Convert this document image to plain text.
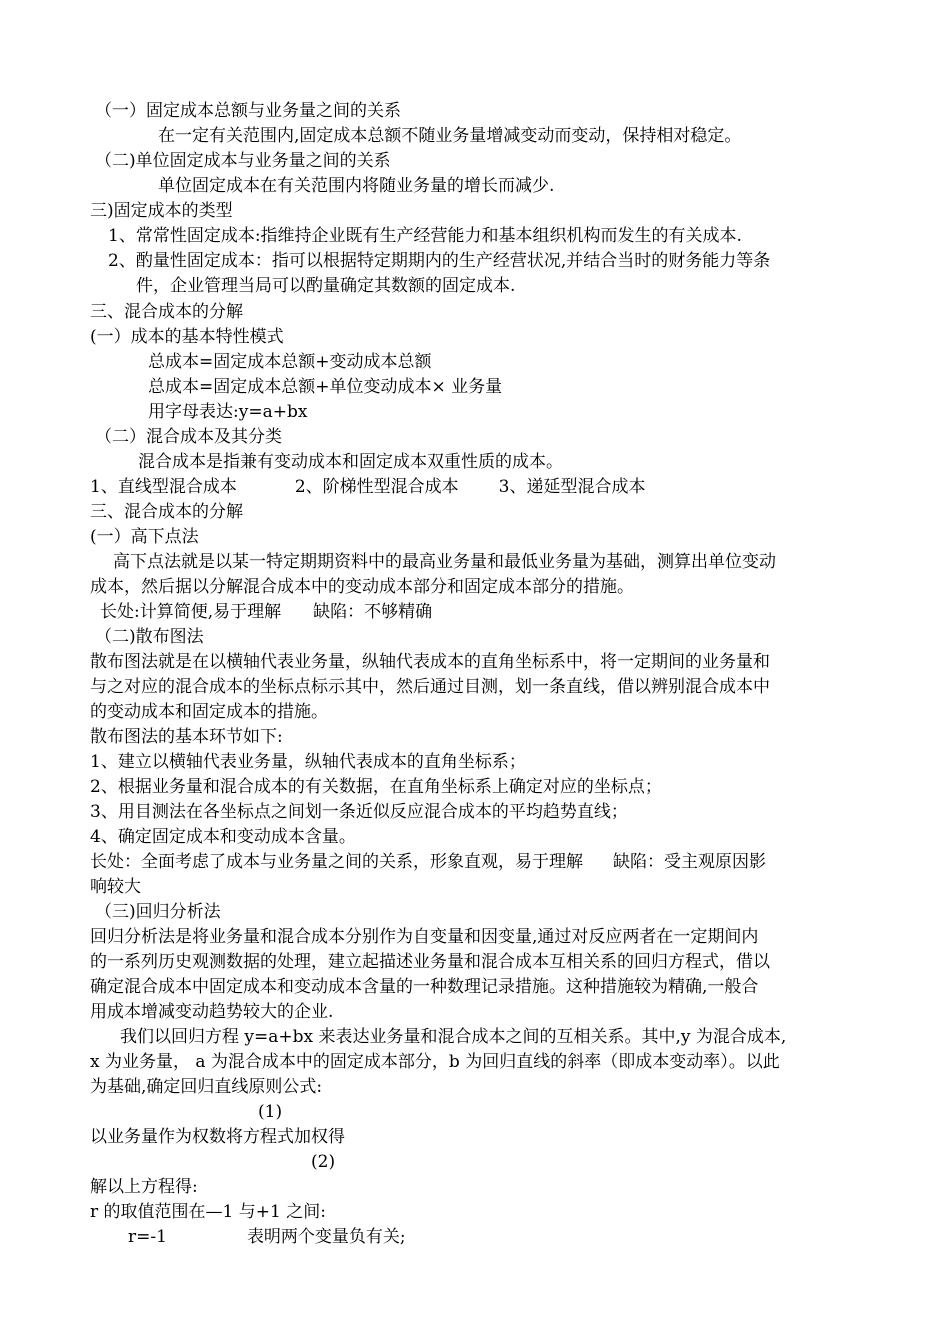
（一）固定成本总额与业务量之间的关系
在一定有关范围内,固定成本总额不随业务量增减变动而变动，保持相对稳定。
（二)单位固定成本与业务量之间的关系
单位固定成本在有关范围内将随业务量的增长而减少.
三)固定成本的类型
1、常常性固定成本:指维持企业既有生产经营能力和基本组织机构而发生的有关成本.
2、酌量性固定成本：指可以根据特定期期内的生产经营状况,并结合当时的财务能力等条
件，企业管理当局可以酌量确定其数额的固定成本.
三、混合成本的分解
(一）成本的基本特性模式
总成本=固定成本总额+变动成本总额
总成本=固定成本总额+单位变动成本× 业务量
用字母表达:y=a+bx
（二）混合成本及其分类
混合成本是指兼有变动成本和固定成本双重性质的成本。
1、直线型混合成本	2、阶梯性型混合成本 3、递延型混合成本
三、混合成本的分解
(一）高下点法
高下点法就是以某一特定期期资料中的最高业务量和最低业务量为基础，测算出单位变动
成本，然后据以分解混合成本中的变动成本部分和固定成本部分的措施。
长处:计算简便,易于理解 缺陷：不够精确
（二)散布图法
散布图法就是在以横轴代表业务量，纵轴代表成本的直角坐标系中，将一定期间的业务量和
与之对应的混合成本的坐标点标示其中，然后通过目测，划一条直线，借以辨别混合成本中
的变动成本和固定成本的措施。
散布图法的基本环节如下:
1、建立以横轴代表业务量，纵轴代表成本的直角坐标系；
2、根据业务量和混合成本的有关数据，在直角坐标系上确定对应的坐标点；
3、用目测法在各坐标点之间划一条近似反应混合成本的平均趋势直线；
4、确定固定成本和变动成本含量。
长处：全面考虑了成本与业务量之间的关系，形象直观，易于理解 缺陷：受主观原因影
响较大
（三)回归分析法
回归分析法是将业务量和混合成本分别作为自变量和因变量,通过对反应两者在一定期间内
的一系列历史观测数据的处理，建立起描述业务量和混合成本互相关系的回归方程式，借以
确定混合成本中固定成本和变动成本含量的一种数理记录措施。这种措施较为精确,一般合
用成本增减变动趋势较大的企业.
我们以回归方程 y=a+bx 来表达业务量和混合成本之间的互相关系。其中,y 为混合成本,
x 为业务量， a 为混合成本中的固定成本部分，b 为回归直线的斜率（即成本变动率）。以此
为基础,确定回归直线原则公式:
(1)
以业务量作为权数将方程式加权得
(2)
解以上方程得:
r 的取值范围在—1 与+1 之间:
r=-1	表明两个变量负有关;
